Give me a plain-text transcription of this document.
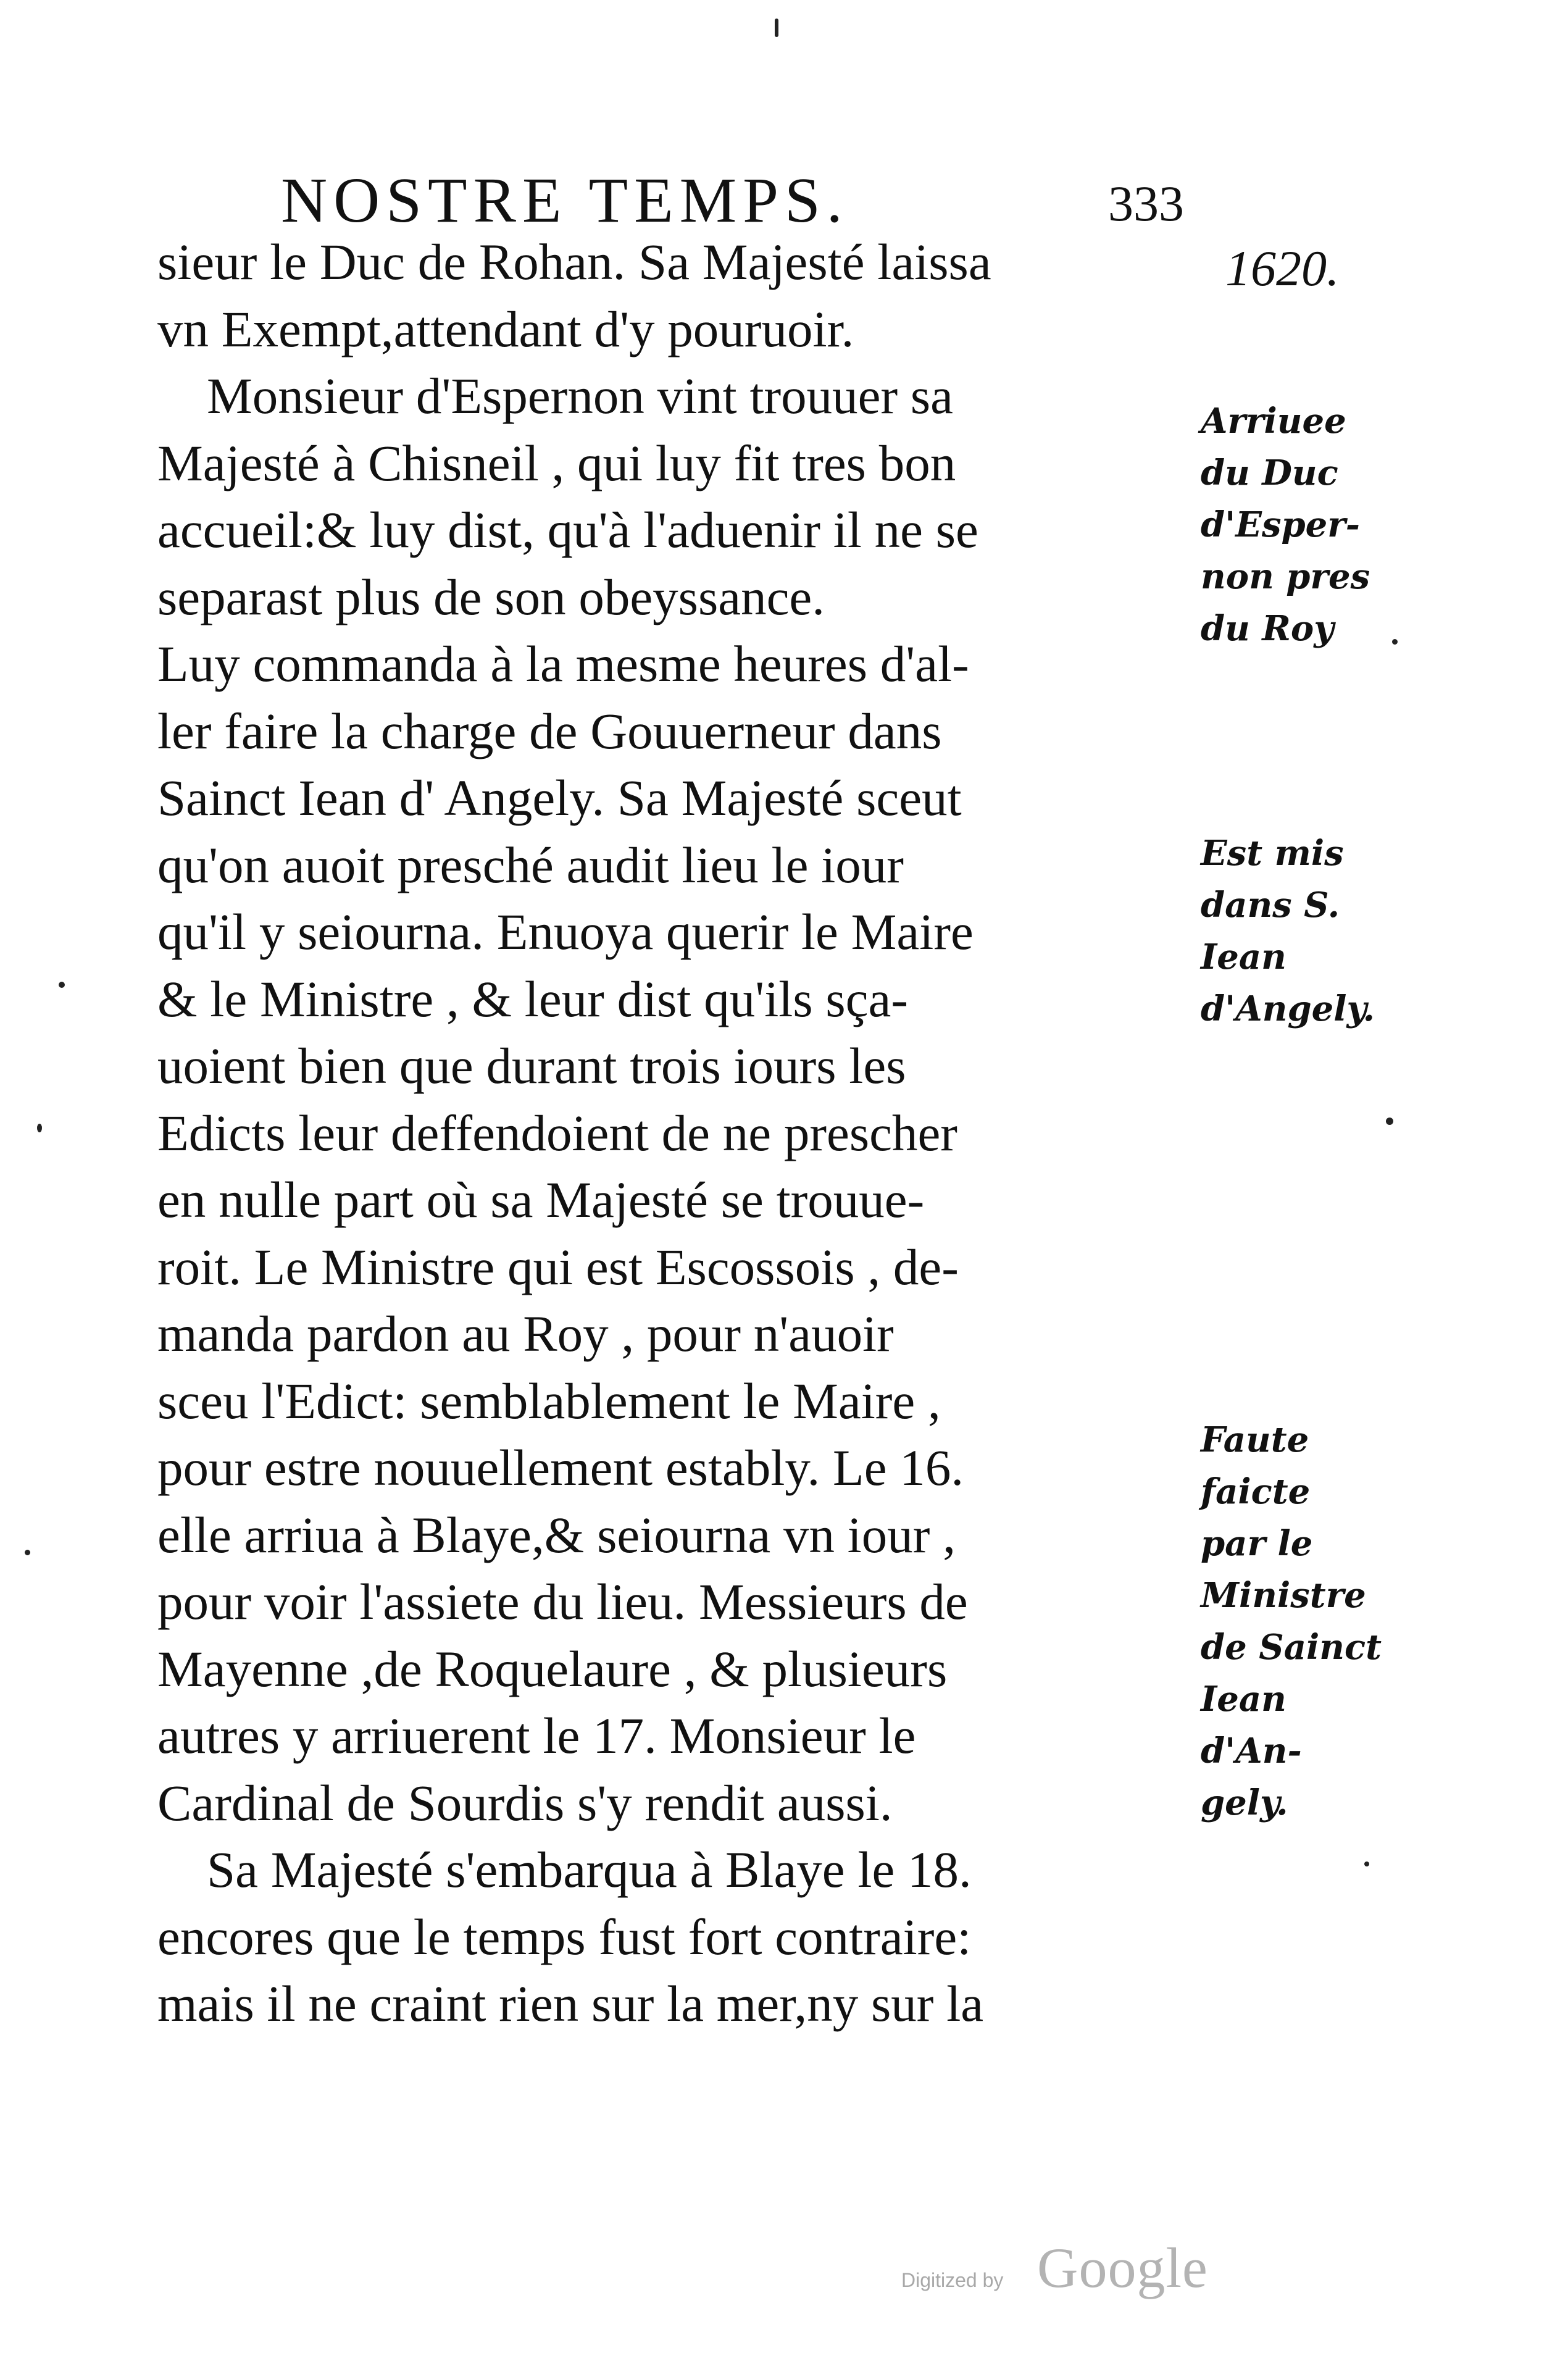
NOSTRE TEMPS.	333
1620.
sieur le Duc de Rohan. Sa Majesté laissa
vn Exempt,attendant d'y pouruoir.
Monsieur d'Espernon vint trouuer sa
Majesté à Chisneil , qui luy fit tres bon
accueil:& luy dist, qu'à l'aduenir il ne se
separast plus de son obeyssance.
Luy commanda à la mesme heures d'al-
ler faire la charge de Gouuerneur dans
Sainct Iean d' Angely. Sa Majesté sceut
qu'on auoit presché audit lieu le iour
qu'il y seiourna. Enuoya querir le Maire
& le Ministre , & leur dist qu'ils sça-
uoient bien que durant trois iours les
Edicts leur deffendoient de ne prescher
en nulle part où sa Majesté se trouue-
roit. Le Ministre qui est Escossois , de-
manda pardon au Roy , pour n'auoir
sceu l'Edict: semblablement le Maire ,
pour estre nouuellement estably. Le 16.
elle arriua à Blaye,& seiourna vn iour ,
pour voir l'assiete du lieu. Messieurs de
Mayenne ,de Roquelaure , & plusieurs
autres y arriuerent le 17. Monsieur le
Cardinal de Sourdis s'y rendit aussi.
Sa Majesté s'embarqua à Blaye le 18.
encores que le temps fust fort contraire:
mais il ne craint rien sur la mer,ny sur la
Arriuee
du Duc
d'Esper-
non pres
du Roy
Est mis
dans S.
Iean
d'Angely.
Faute
faicte
par le
Ministre
de Sainct
Iean
d'An-
gely.
Digitized by Google
